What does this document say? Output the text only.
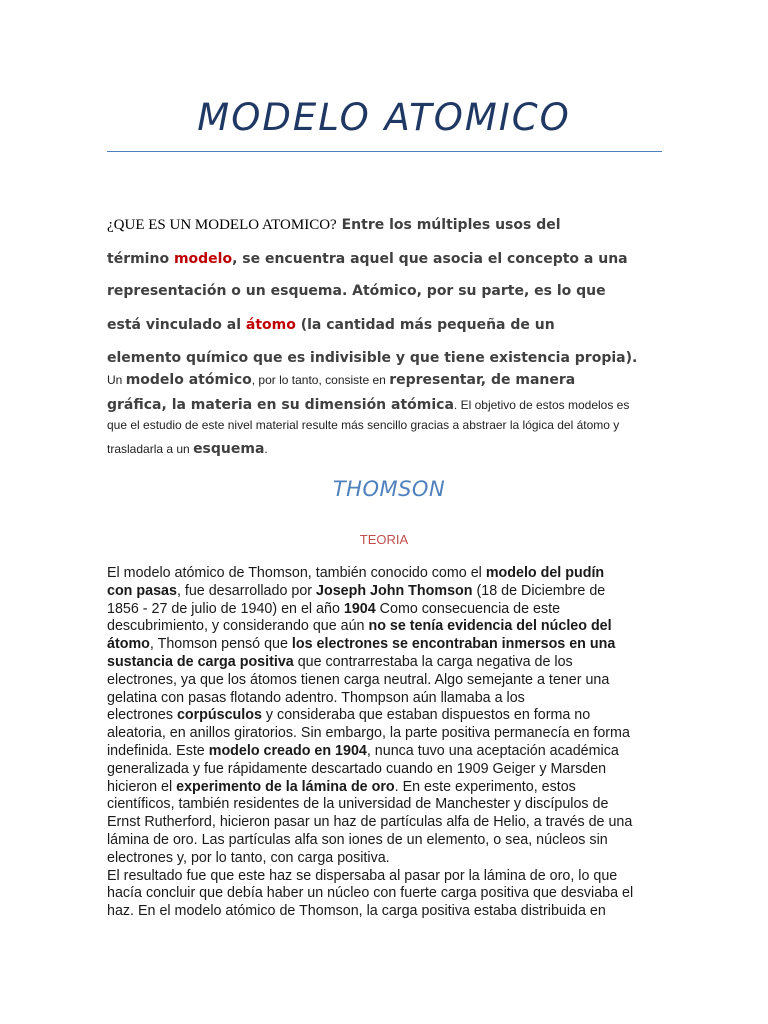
MODELO ATOMICO

¿QUE ES UN MODELO ATOMICO? Entre los múltiples usos del

término modelo, se encuentra aquel que asocia el concepto a una

representación o un esquema. Atómico, por su parte, es lo que

está vinculado al átomo (la cantidad más pequeña de un

elemento químico que es indivisible y que tiene existencia propia).

Un modelo atómico, por lo tanto, consiste en representar, de manera

gráfica, la materia en su dimensión atómica. El objetivo de estos modelos es

que el estudio de este nivel material resulte más sencillo gracias a abstraer la lógica del átomo y

trasladarla a un esquema.

THOMSON
TEORIA
El modelo atómico de Thomson, también conocido como el modelo del pudín
con pasas, fue desarrollado por Joseph John Thomson (18 de Diciembre de
1856 - 27 de julio de 1940) en el año 1904 Como consecuencia de este
descubrimiento, y considerando que aún no se tenía evidencia del núcleo del
átomo, Thomson pensó que los electrones se encontraban inmersos en una
sustancia de carga positiva que contrarrestaba la carga negativa de los
electrones, ya que los átomos tienen carga neutral. Algo semejante a tener una
gelatina con pasas flotando adentro. Thompson aún llamaba a los
electrones corpúsculos y consideraba que estaban dispuestos en forma no
aleatoria, en anillos giratorios. Sin embargo, la parte positiva permanecía en forma
indefinida. Este modelo creado en 1904, nunca tuvo una aceptación académica
generalizada y fue rápidamente descartado cuando en 1909 Geiger y Marsden
hicieron el experimento de la lámina de oro. En este experimento, estos
científicos, también residentes de la universidad de Manchester y discípulos de
Ernst Rutherford, hicieron pasar un haz de partículas alfa de Helio, a través de una
lámina de oro. Las partículas alfa son iones de un elemento, o sea, núcleos sin
electrones y, por lo tanto, con carga positiva.
El resultado fue que este haz se dispersaba al pasar por la lámina de oro, lo que
hacía concluir que debía haber un núcleo con fuerte carga positiva que desviaba el
haz. En el modelo atómico de Thomson, la carga positiva estaba distribuida en
